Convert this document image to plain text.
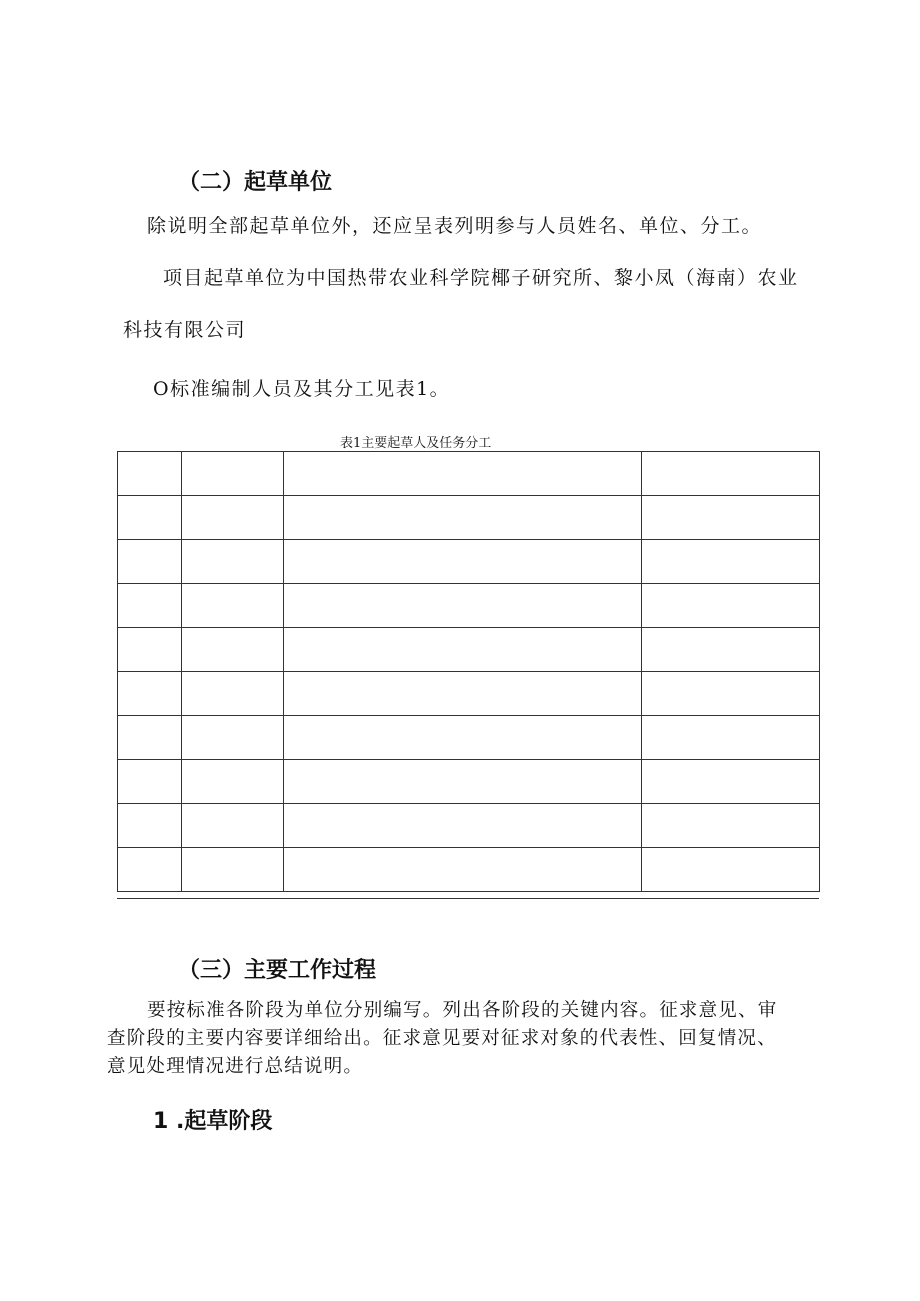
（二）起草单位
除说明全部起草单位外，还应呈表列明参与人员姓名、单位、分工。
项目起草单位为中国热带农业科学院椰子研究所、黎小凤（海南）农业
科技有限公司
O标准编制人员及其分工见表1。
表1主要起草人及任务分工

（三）主要工作过程
要按标准各阶段为单位分别编写。列出各阶段的关键内容。征求意见、审
查阶段的主要内容要详细给出。征求意见要对征求对象的代表性、回复情况、
意见处理情况进行总结说明。
1 .起草阶段
